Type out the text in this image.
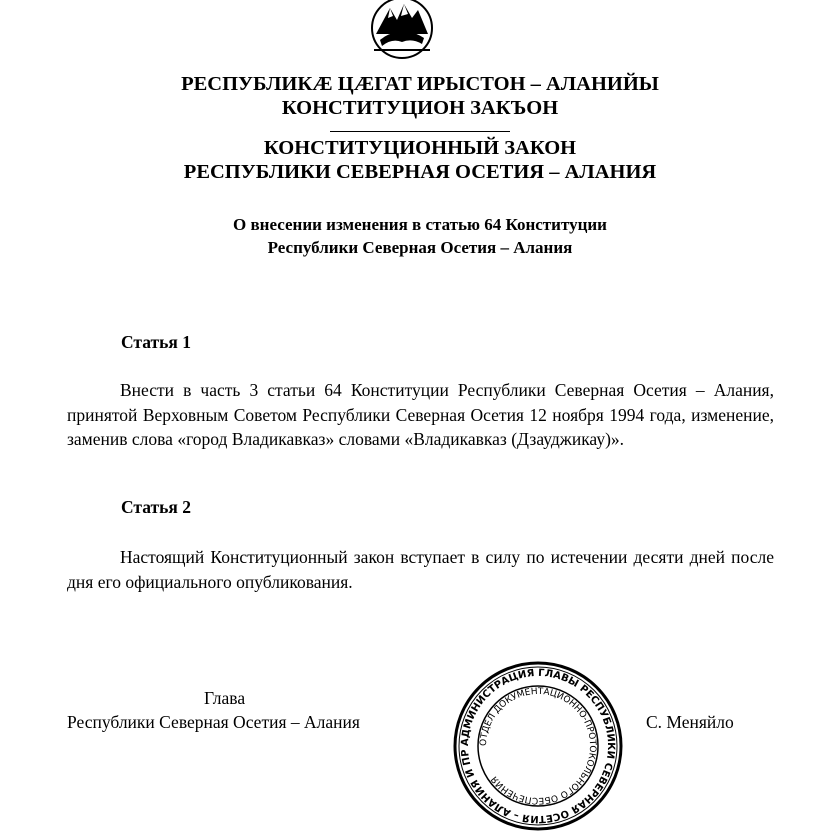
РЕСПУБЛИКӔ ЦӔГАТ ИРЫСТОН – АЛАНИЙЫ
КОНСТИТУЦИОН ЗАКЪОН
КОНСТИТУЦИОННЫЙ ЗАКОН
РЕСПУБЛИКИ СЕВЕРНАЯ ОСЕТИЯ – АЛАНИЯ
О внесении изменения в статью 64 Конституции
Республики Северная Осетия – Алания
Статья 1

Внести в часть 3 статьи 64 Конституции Республики Северная Осетия – Алания, принятой Верховным Советом Республики Северная Осетия 12 ноября 1994 года, изменение, заменив слова «город Владикавказ» словами «Владикавказ (Дзауджикау)».

Статья 2

Настоящий Конституционный закон вступает в силу по истечении десяти дней после дня его официального опубликования.

Глава
Республики Северная Осетия – Алания	С. Меняйло
АДМИНИСТРАЦИЯ ГЛАВЫ РЕСПУБЛИКИ СЕВЕРНАЯ ОСЕТИЯ – АЛАНИЯ И ПР
ОТДЕЛ ДОКУМЕНТАЦИОННО-ПРОТОКОЛЬНОГО ОБЕСПЕЧЕНИЯ
